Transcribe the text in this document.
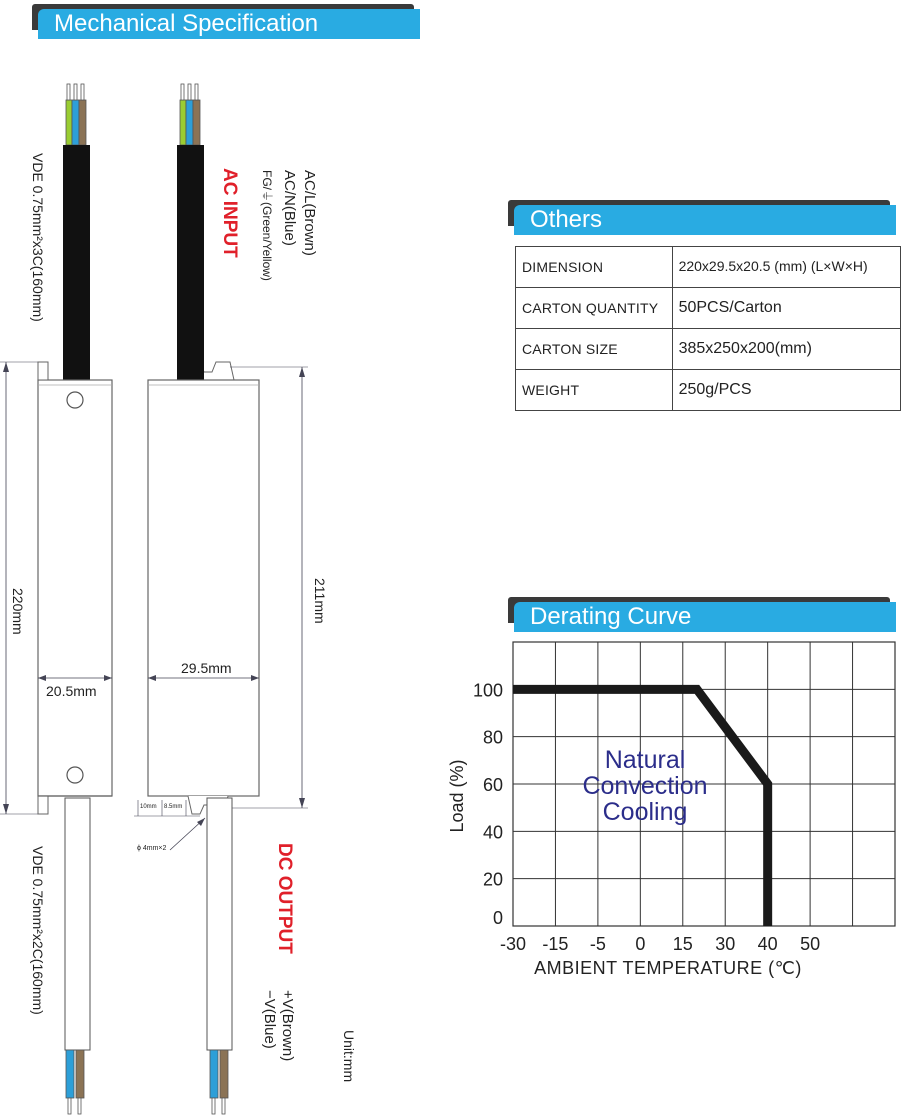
Mechanical Specification
Others
Derating Curve
VDE 0.75mm²x3C(160mm)
VDE 0.75mm²x2C(160mm)
AC INPUT	AC/L(Brown)
AC/N(Blue)
FG/⏚(Green/Yellow)
DC OUTPUT
+V(Brown)
−V(Blue)
Unit:mm
220mm	211mm
20.5mm
29.5mm
10mm 8.5mm
ϕ 4mm×2
DIMENSION	220x29.5x20.5 (mm) (L×W×H)
CARTON QUANTITY	50PCS/Carton
CARTON SIZE	385x250x200(mm)
WEIGHT	250g/PCS
-30 -15 -5 0 15 30 40 50
0
20
40
60
80
100
Natural
Convection
Cooling
AMBIENT TEMPERATURE (℃)
Load (%)
